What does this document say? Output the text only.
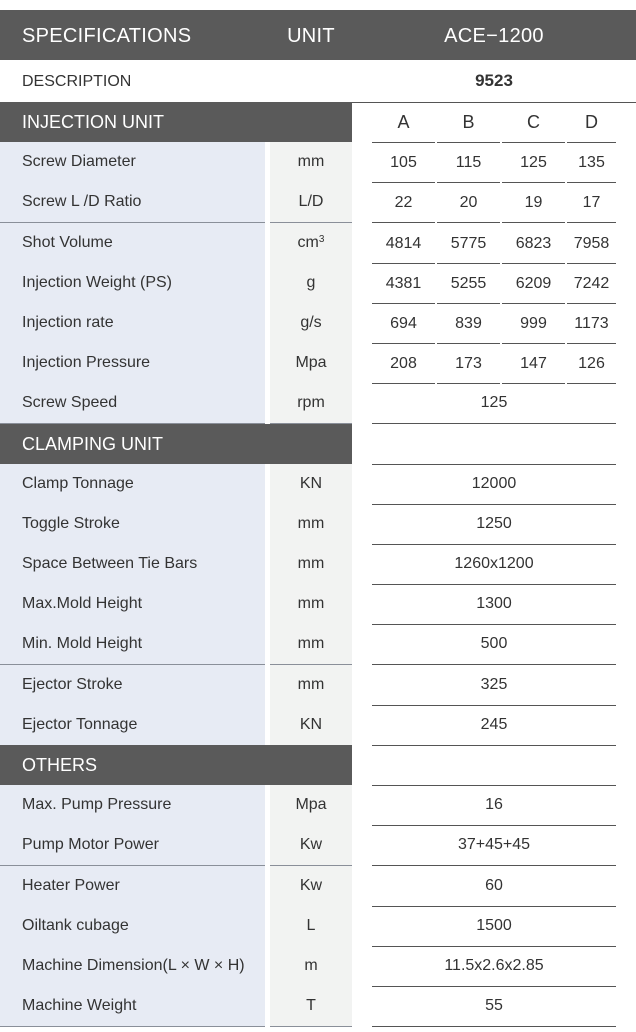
SPECIFICATIONS	UNIT	ACE−1200
DESCRIPTION	9523
INJECTION UNIT	A	B	C	D
Screw Diameter	mm	105	115	125	135
Screw L /D Ratio	L/D	22	20	19	17
Shot Volume	$cm^3$	4814	5775	6823	7958
Injection Weight (PS)	g	4381	5255	6209	7242
Injection rate	g/s	694	839	999	1173
Injection Pressure	Mpa	208	173	147	126
Screw Speed	rpm	125
CLAMPING UNIT
Clamp Tonnage	KN	12000
Toggle Stroke	mm	1250
Space Between Tie Bars	mm	1260x1200
Max.Mold Height	mm	1300
Min. Mold Height	mm	500
Ejector Stroke	mm	325
Ejector Tonnage	KN	245
OTHERS
Max. Pump Pressure	Mpa	16
Pump Motor Power	Kw	37+45+45
Heater Power	Kw	60
Oiltank cubage	L	1500
Machine Dimension(L × W × H)	m	11.5x2.6x2.85
Machine Weight	T	55
